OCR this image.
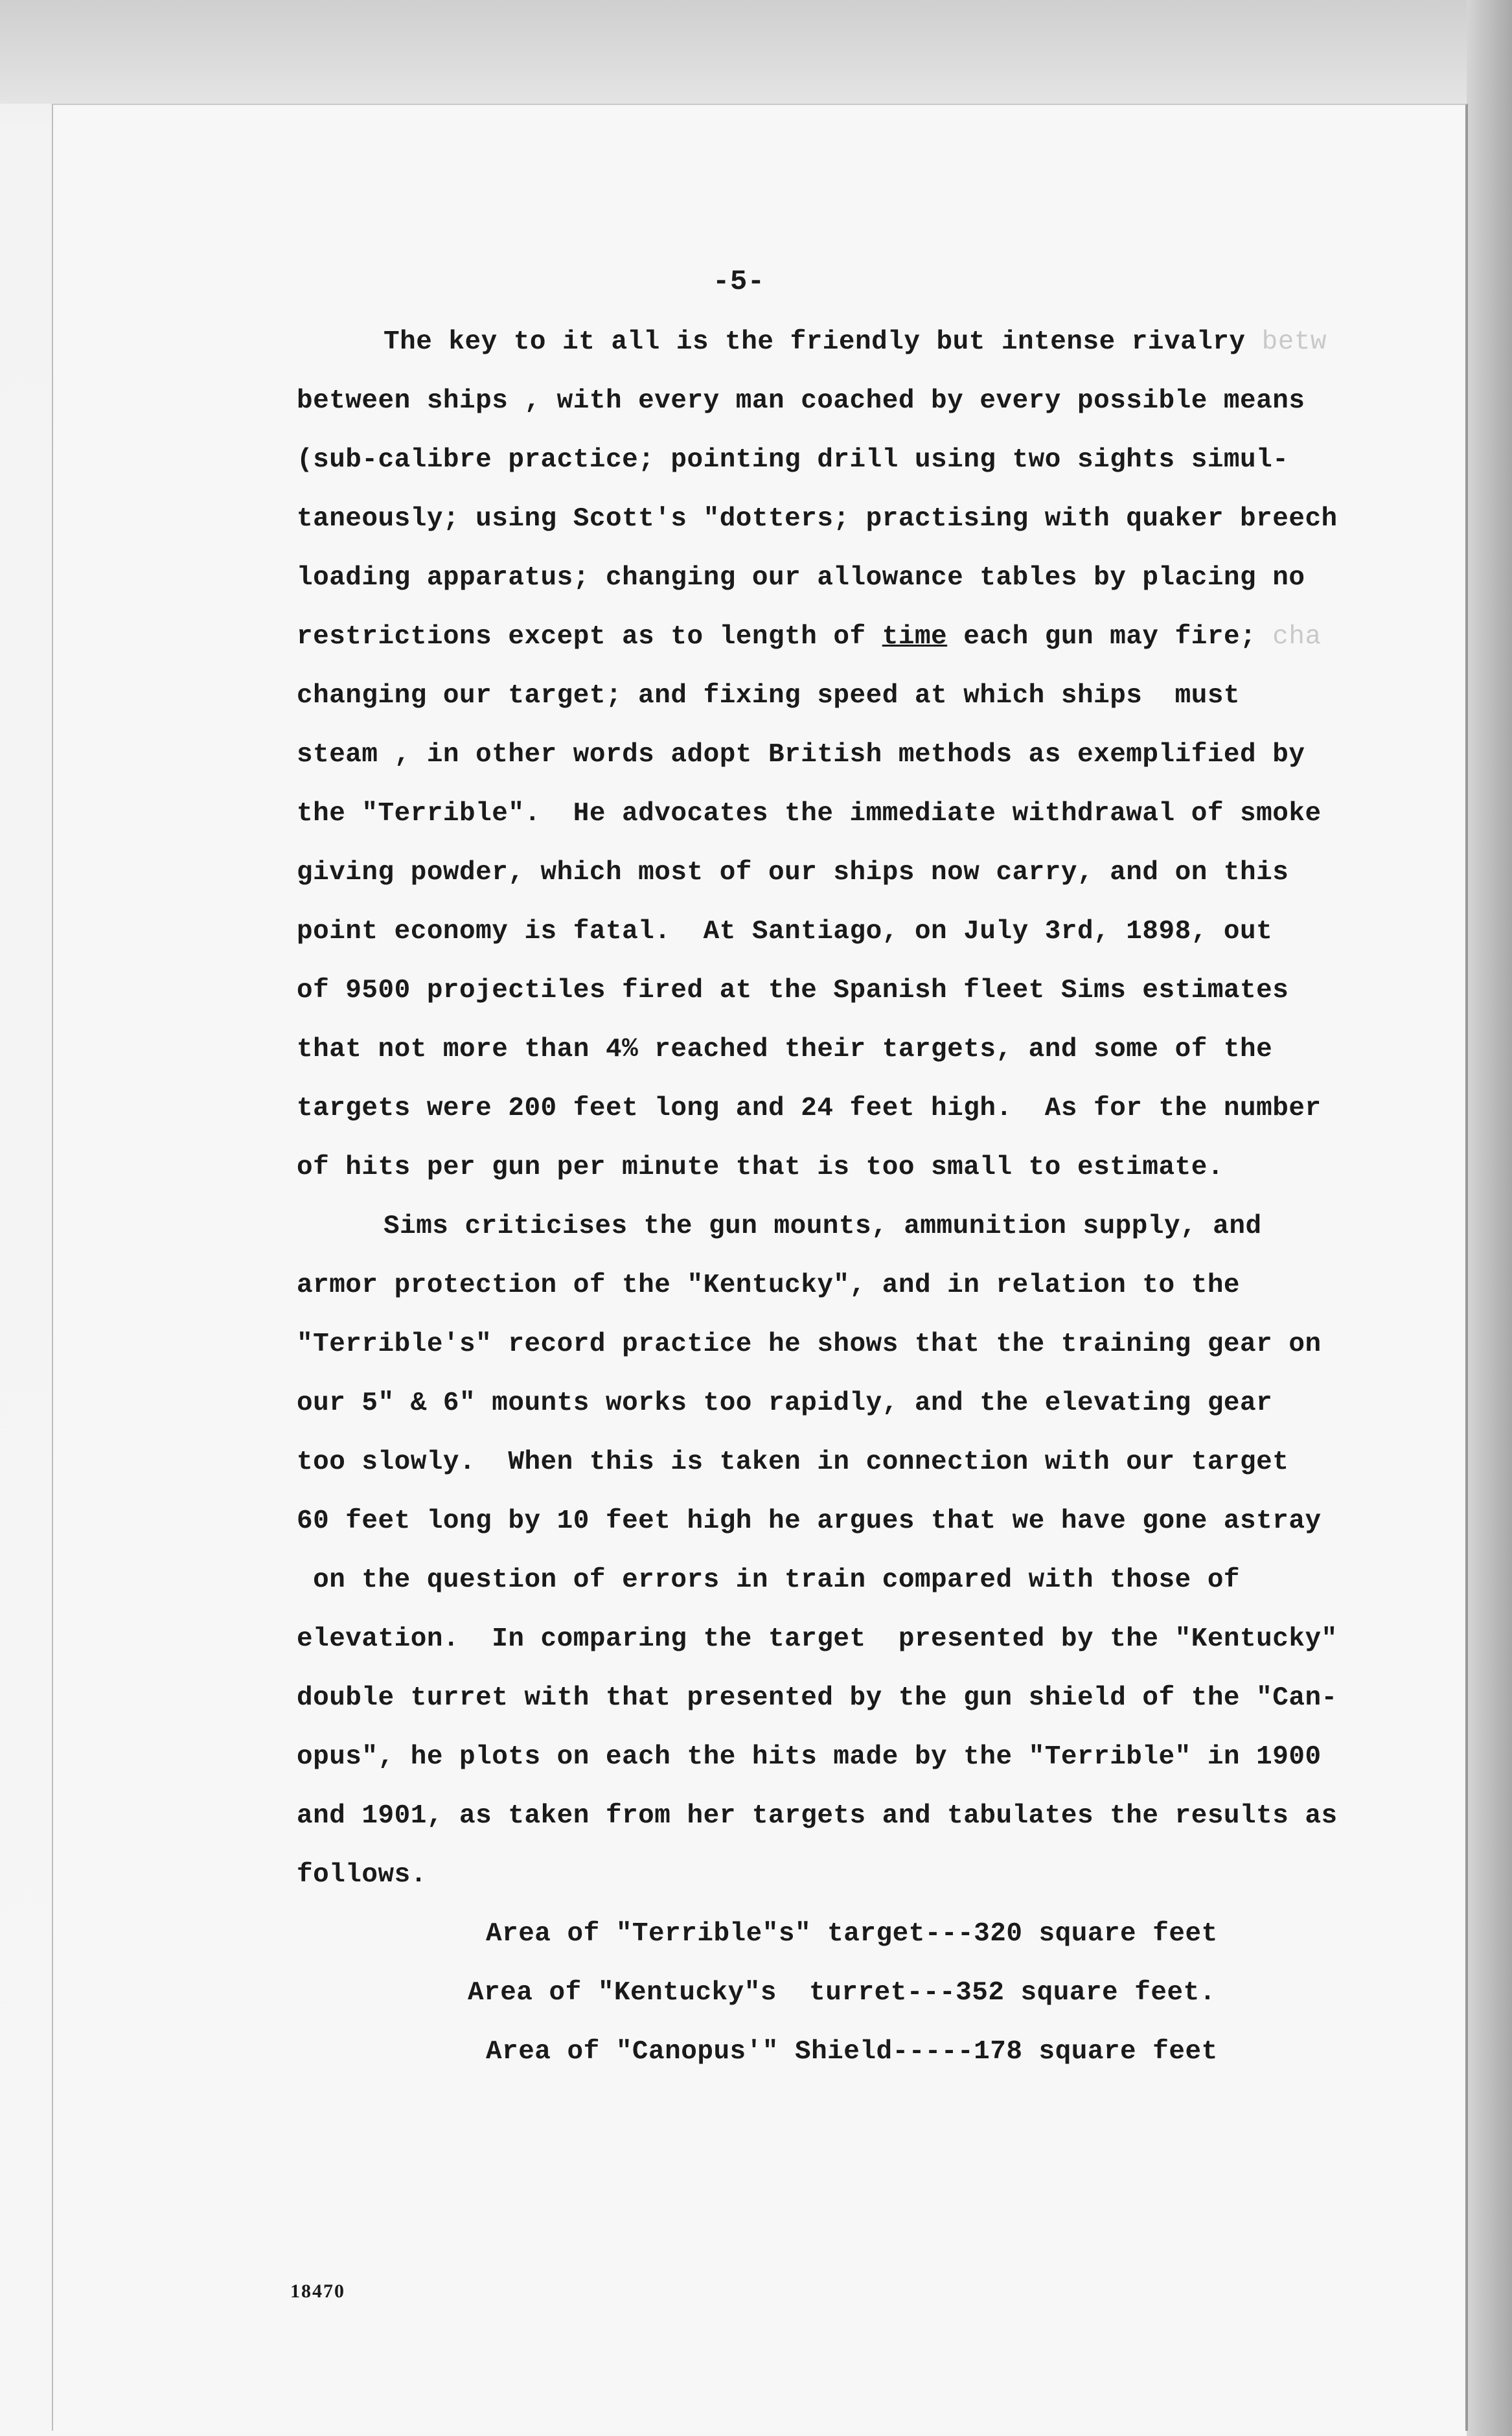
-5-
The key to it all is the friendly but intense rivalry betw
between ships , with every man coached by every possible means
(sub-calibre practice; pointing drill using two sights simul-
taneously; using Scott's "dotters; practising with quaker breech
loading apparatus; changing our allowance tables by placing no
restrictions except as to length of time each gun may fire; cha
changing our target; and fixing speed at which ships  must
steam , in other words adopt British methods as exemplified by
the "Terrible".  He advocates the immediate withdrawal of smoke
giving powder, which most of our ships now carry, and on this
point economy is fatal.  At Santiago, on July 3rd, 1898, out
of 9500 projectiles fired at the Spanish fleet Sims estimates
that not more than 4% reached their targets, and some of the
targets were 200 feet long and 24 feet high.  As for the number
of hits per gun per minute that is too small to estimate.
Sims criticises the gun mounts, ammunition supply, and
armor protection of the "Kentucky", and in relation to the
"Terrible's" record practice he shows that the training gear on
our 5" & 6" mounts works too rapidly, and the elevating gear
too slowly.  When this is taken in connection with our target
60 feet long by 10 feet high he argues that we have gone astray
on the question of errors in train compared with those of
elevation.  In comparing the target  presented by the "Kentucky"
double turret with that presented by the gun shield of the "Can-
opus", he plots on each the hits made by the "Terrible" in 1900
and 1901, as taken from her targets and tabulates the results as
follows.
Area of "Terrible"s" target---320 square feet
Area of "Kentucky"s  turret---352 square feet.
Area of "Canopus'" Shield-----178 square feet
18470
